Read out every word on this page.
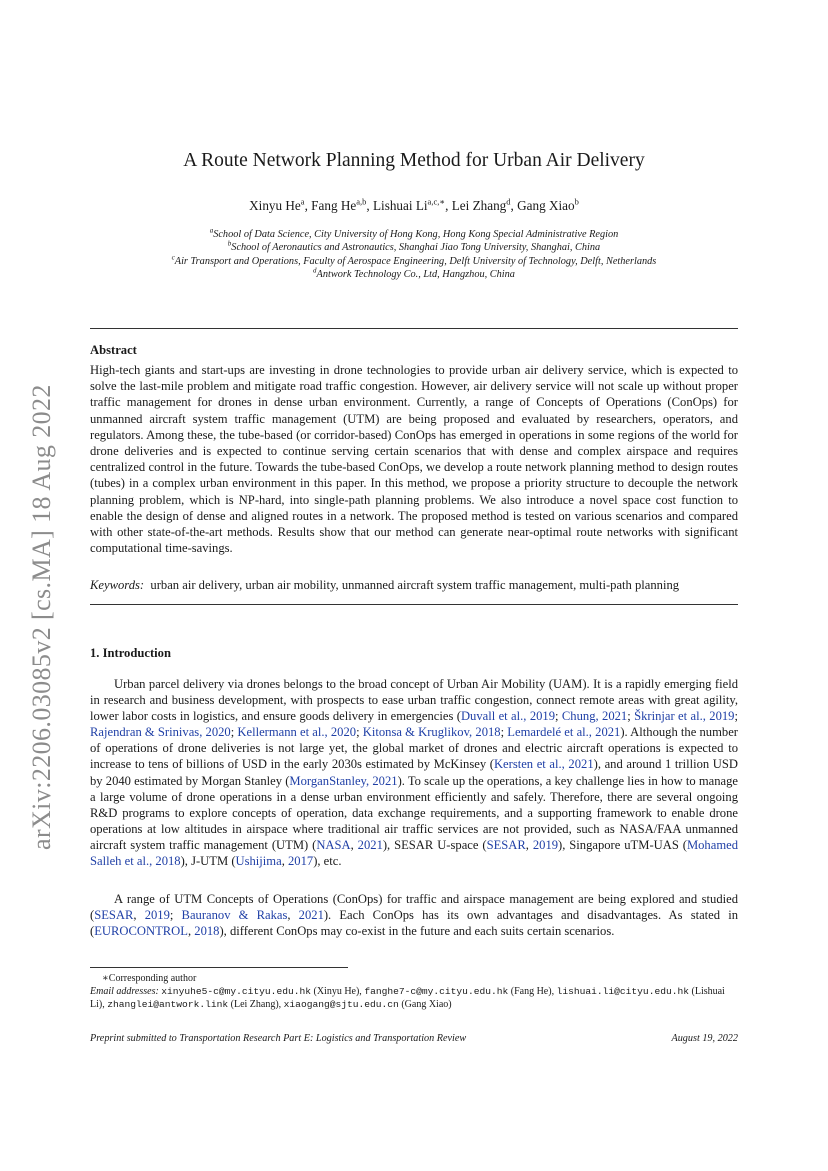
arXiv:2206.03085v2 [cs.MA] 18 Aug 2022
A Route Network Planning Method for Urban Air Delivery
Xinyu He$^a$, Fang He$^{a,b}$, Lishuai $Li^{a,c,∗}$, Lei Zhang$^d$, Gang Xiao$^b$
$^a$School of Data Science, City University of Hong Kong, Hong Kong Special Administrative Region
$^b$School of Aeronautics and Astronautics, Shanghai Jiao Tong University, Shanghai, China
$^c$Air Transport and Operations, Faculty of Aerospace Engineering, Delft University of Technology, Delft, Netherlands
$^d$Antwork Technology Co., Ltd, Hangzhou, China
Abstract

High-tech giants and start-ups are investing in drone technologies to provide urban air delivery service, which is expected to solve the last-mile problem and mitigate road traffic congestion. However, air delivery service will not scale up without proper traffic management for drones in dense urban environment. Currently, a range of Concepts of Operations (ConOps) for unmanned aircraft system traffic management (UTM) are being proposed and evaluated by researchers, operators, and regulators. Among these, the tube-based (or corridor-based) ConOps has emerged in operations in some regions of the world for drone deliveries and is expected to continue serving certain scenarios that with dense and complex airspace and requires centralized control in the future. Towards the tube-based ConOps, we develop a route network planning method to design routes (tubes) in a complex urban environment in this paper. In this method, we propose a priority structure to decouple the network planning problem, which is NP-hard, into single-path planning problems. We also introduce a novel space cost function to enable the design of dense and aligned routes in a network. The proposed method is tested on various scenarios and compared with other state-of-the-art methods. Results show that our method can generate near-optimal route networks with significant computational time-savings.

Keywords: urban air delivery, urban air mobility, unmanned aircraft system traffic management, multi-path planning
1. Introduction

Urban parcel delivery via drones belongs to the broad concept of Urban Air Mobility (UAM). It is a rapidly emerging field in research and business development, with prospects to ease urban traffic congestion, connect remote areas with great agility, lower labor costs in logistics, and ensure goods delivery in emergencies (Duvall et al., 2019; Chung, 2021; Škrinjar et al., 2019; Rajendran & Srinivas, 2020; Kellermann et al., 2020; Kitonsa & Kruglikov, 2018; Lemardelé et al., 2021). Although the number of operations of drone deliveries is not large yet, the global market of drones and electric aircraft operations is expected to increase to tens of billions of USD in the early 2030s estimated by McKinsey (Kersten et al., 2021), and around 1 trillion USD by 2040 estimated by Morgan Stanley (MorganStanley, 2021). To scale up the operations, a key challenge lies in how to manage a large volume of drone operations in a dense urban environment efficiently and safely. Therefore, there are several ongoing R&D programs to explore concepts of operation, data exchange requirements, and a supporting framework to enable drone operations at low altitudes in airspace where traditional air traffic services are not provided, such as NASA/FAA unmanned aircraft system traffic management (UTM) (NASA, 2021), SESAR U-space (SESAR, 2019), Singapore uTM-UAS (Mohamed Salleh et al., 2018), J-UTM (Ushijima, 2017), etc.

A range of UTM Concepts of Operations (ConOps) for traffic and airspace management are being explored and studied (SESAR, 2019; Bauranov & Rakas, 2021). Each ConOps has its own advantages and disadvantages. As stated in (EUROCONTROL, 2018), different ConOps may co-exist in the future and each suits certain scenarios.

∗Corresponding author
Email addresses: xinyuhe5-c@my.cityu.edu.hk (Xinyu He), fanghe7-c@my.cityu.edu.hk (Fang He), lishuai.li@cityu.edu.hk (Lishuai Li), zhanglei@antwork.link (Lei Zhang), xiaogang@sjtu.edu.cn (Gang Xiao)
Preprint submitted to Transportation Research Part E: Logistics and Transportation Review	August 19, 2022
